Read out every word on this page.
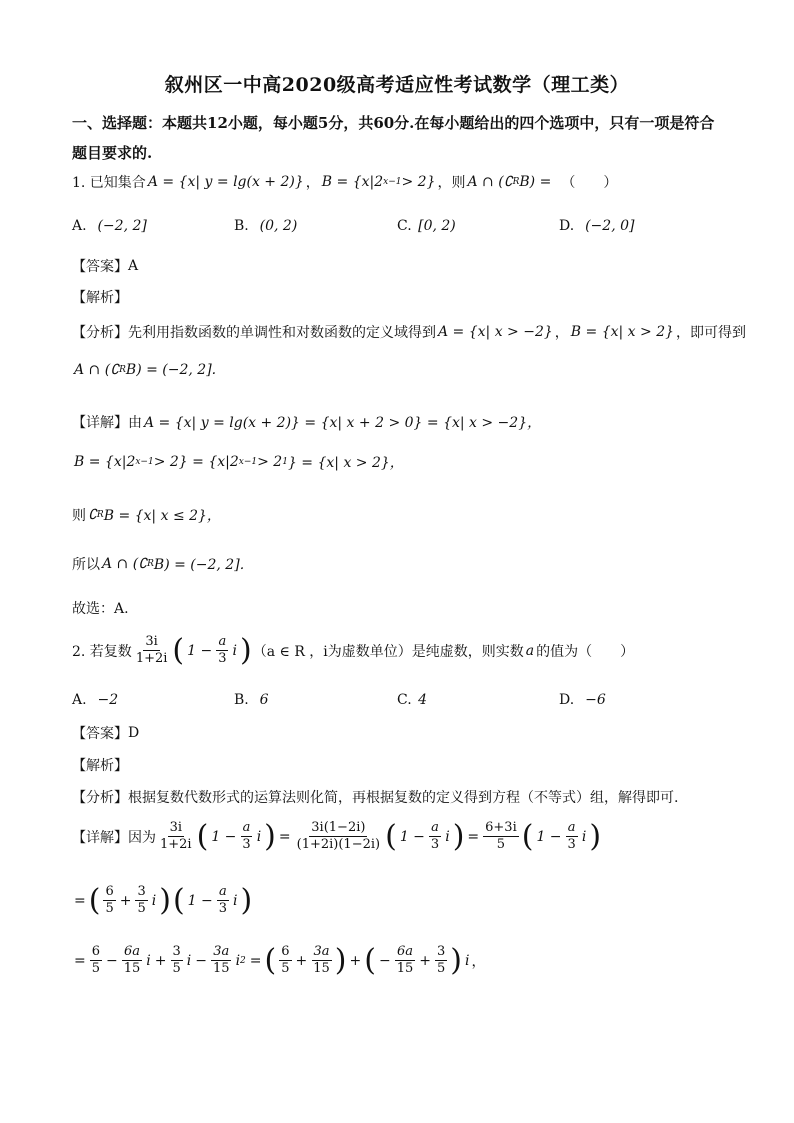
叙州区一中高2020级高考适应性考试数学（理工类）
一、选择题：本题共12小题，每小题5分，共60分.在每小题给出的四个选项中，只有一项是符合题目要求的.
1. 已知集合 A = {x| y = lg(x + 2)} ， B = {x|2 x−1 > 2} ，则 A ∩ (∁ R B) = （　　）
A. (−2, 2]	B. (0, 2)	C. [0, 2)	D. (−2, 0]
【答案】 A
【解析】
【分析】 先利用指数函数的单调性和对数函数的定义域得到 A = {x| x > −2} ， B = {x| x > 2} ，即可得到
A ∩ (∁ R B) = (−2, 2].
【详解】 由 A = {x| y = lg(x + 2)} = {x| x + 2 > 0} = {x| x > −2}，
B = {x|2 x−1 > 2} = {x|2 x−1 > 2 1 } = {x| x > 2}，
则 ∁ R B = {x| x ≤ 2}，
所以 A ∩ (∁ R B) = (−2, 2]．
故选：A.
2. 若复数 $\frac{3i}{1+2i}$ ( $1 - \frac{a}{3}$ i ) （a ∈ R ，i为虚数单位）是纯虚数，则实数 a 的值为（　　）
A. −2	B. 6	C. 4	D. −6
【答案】 D
【解析】
【分析】 根据复数代数形式的运算法则化简，再根据复数的定义得到方程（不等式）组，解得即可.
【详解】 因为 $\frac{3i}{1+2i}$ ( $1 - \frac{a}{3}$ i ) = $\frac{3i(1-2i)}{(1+2i)(1-2i)}$ ( $1 - \frac{a}{3}$ i ) = $\frac{6+3i}{5}$ ( $1 - \frac{a}{3}$ i )
= ( $\frac{6}{5} + \frac{3}{5}$ i ) ( $1 - \frac{a}{3}$ i )
= $\frac{6}{5} - \frac{6a}{15}$ $i + \frac{3}{5}$ $i - \frac{3a}{15}$ i 2 = ( $\frac{6}{5} + \frac{3a}{15}$ ) + ( − $\frac{6a}{15} + \frac{3}{5}$ ) i ，
